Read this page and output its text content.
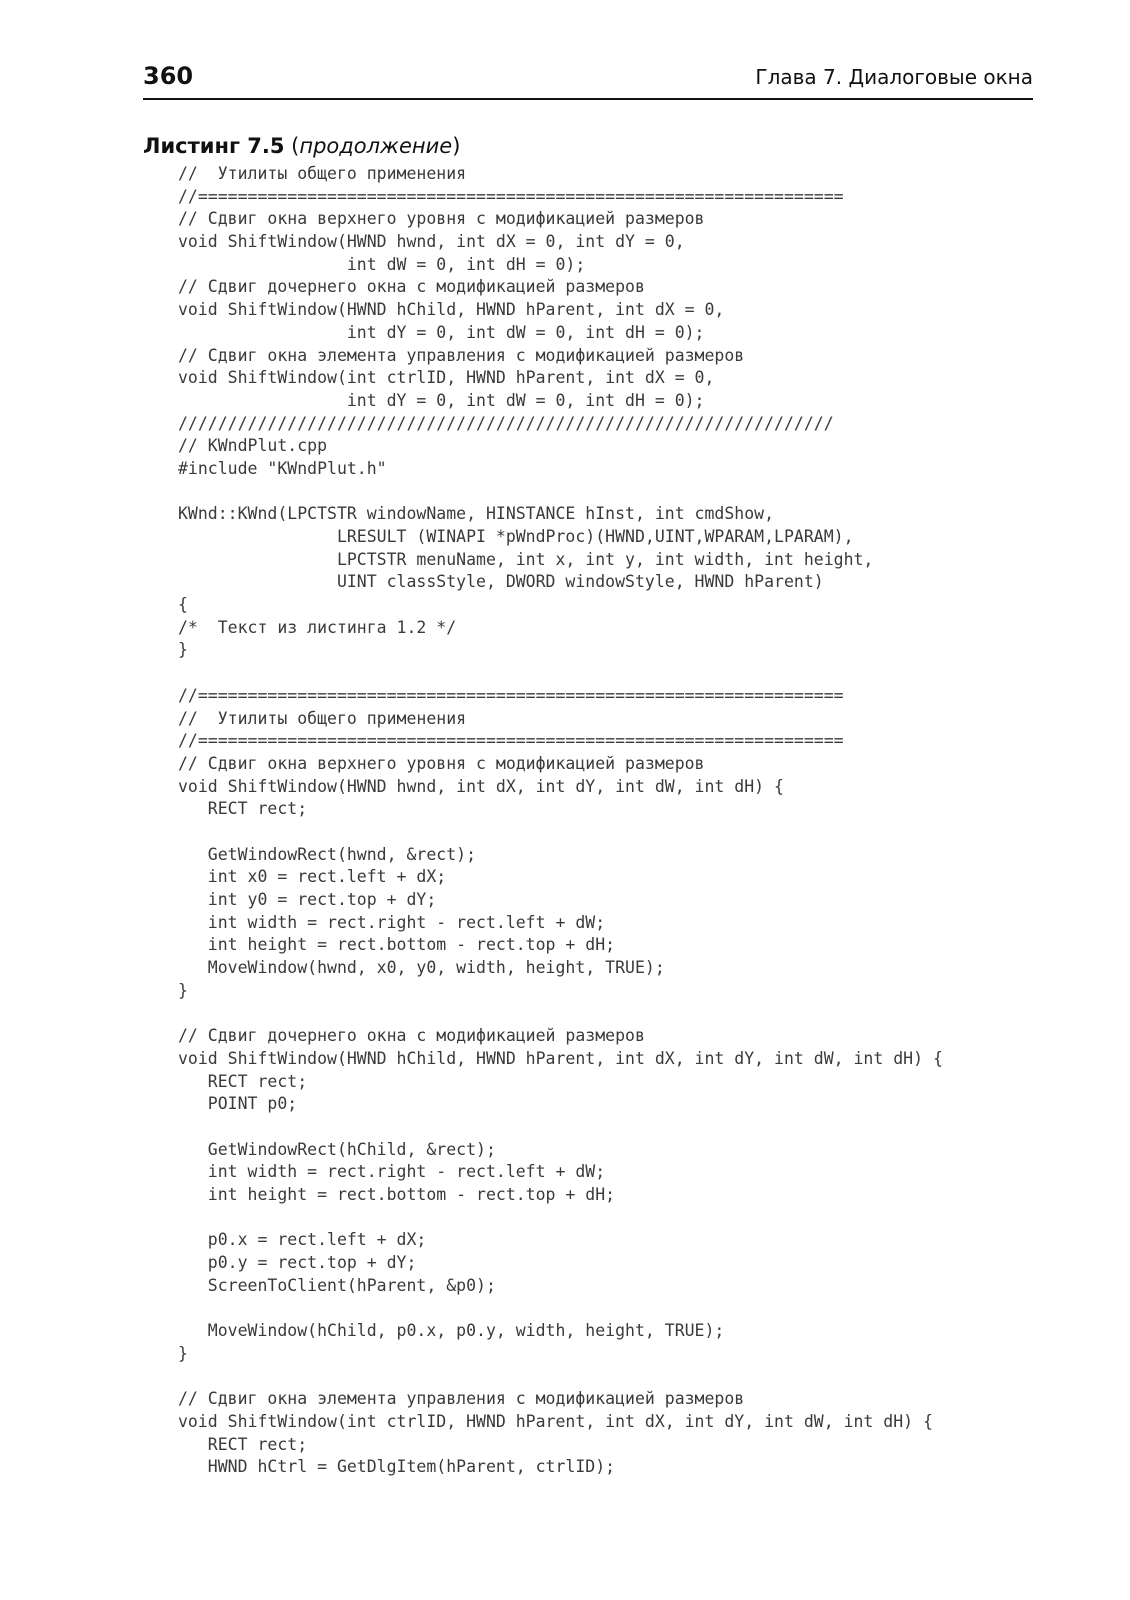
360	Глава 7. Диалоговые окна
Листинг 7.5 (продолжение)
//  Утилиты общего применения
//=================================================================
// Сдвиг окна верхнего уровня с модификацией размеров
void ShiftWindow(HWND hwnd, int dX = 0, int dY = 0,
int dW = 0, int dH = 0);
// Сдвиг дочернего окна с модификацией размеров
void ShiftWindow(HWND hChild, HWND hParent, int dX = 0,
int dY = 0, int dW = 0, int dH = 0);
// Сдвиг окна элемента управления с модификацией размеров
void ShiftWindow(int ctrlID, HWND hParent, int dX = 0,
int dY = 0, int dW = 0, int dH = 0);
//////////////////////////////////////////////////////////////////
// KWndPlut.cpp
#include "KWndPlut.h"
KWnd::KWnd(LPCTSTR windowName, HINSTANCE hInst, int cmdShow,
LRESULT (WINAPI *pWndProc)(HWND,UINT,WPARAM,LPARAM),
LPCTSTR menuName, int x, int y, int width, int height,
UINT classStyle, DWORD windowStyle, HWND hParent)
{
/*  Текст из листинга 1.2 */
}
//=================================================================
//  Утилиты общего применения
//=================================================================
// Сдвиг окна верхнего уровня с модификацией размеров
void ShiftWindow(HWND hwnd, int dX, int dY, int dW, int dH) {
RECT rect;
GetWindowRect(hwnd, &rect);
int x0 = rect.left + dX;
int y0 = rect.top + dY;
int width = rect.right - rect.left + dW;
int height = rect.bottom - rect.top + dH;
MoveWindow(hwnd, x0, y0, width, height, TRUE);
}
// Сдвиг дочернего окна с модификацией размеров
void ShiftWindow(HWND hChild, HWND hParent, int dX, int dY, int dW, int dH) {
RECT rect;
POINT p0;
GetWindowRect(hChild, &rect);
int width = rect.right - rect.left + dW;
int height = rect.bottom - rect.top + dH;
p0.x = rect.left + dX;
p0.y = rect.top + dY;
ScreenToClient(hParent, &p0);
MoveWindow(hChild, p0.x, p0.y, width, height, TRUE);
}
// Сдвиг окна элемента управления с модификацией размеров
void ShiftWindow(int ctrlID, HWND hParent, int dX, int dY, int dW, int dH) {
RECT rect;
HWND hCtrl = GetDlgItem(hParent, ctrlID);
